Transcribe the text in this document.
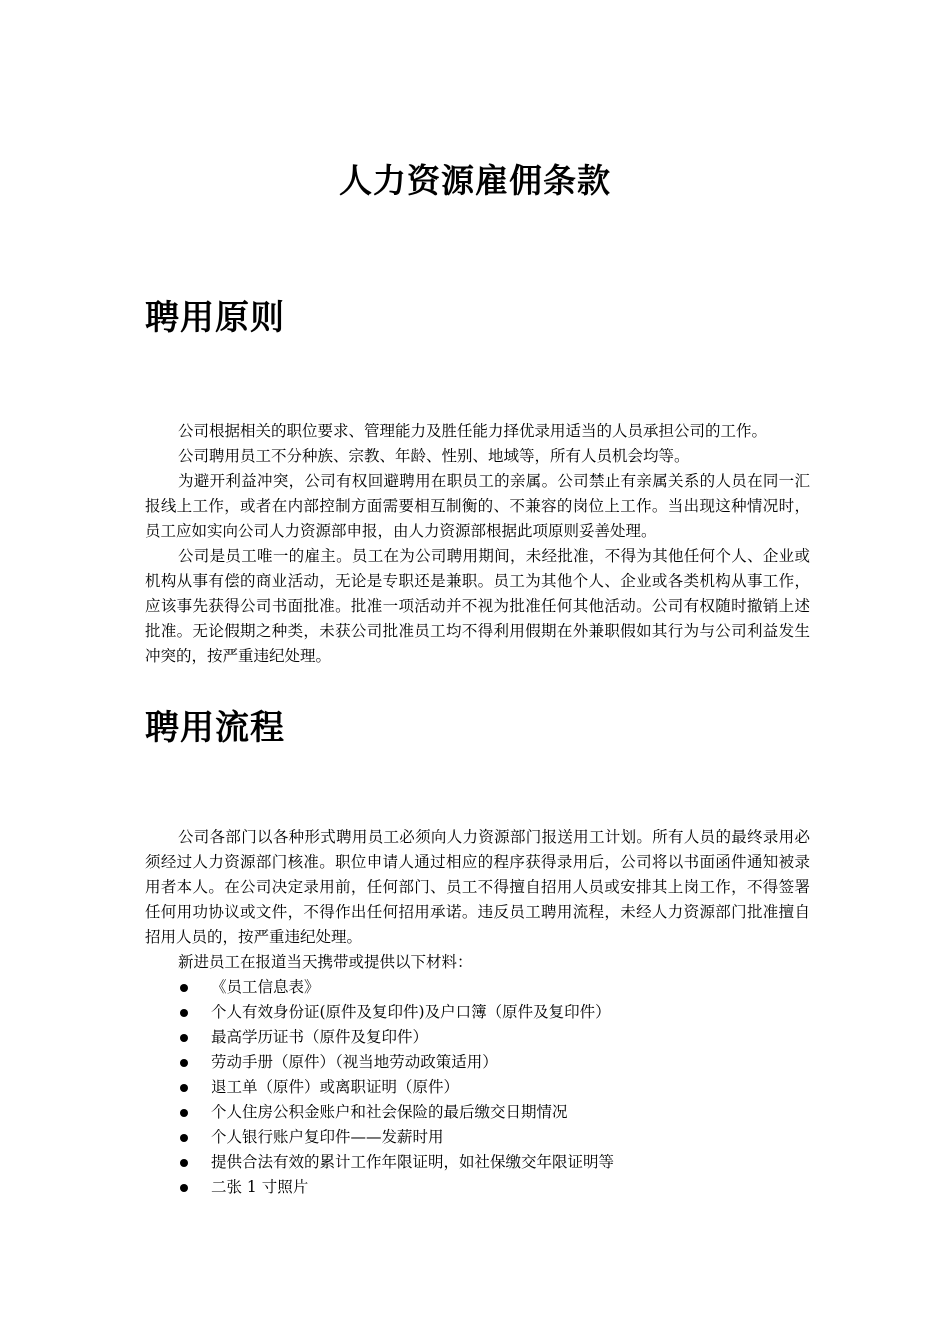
人力资源雇佣条款
聘用原则

公司根据相关的职位要求、管理能力及胜任能力择优录用适当的人员承担公司的工作。

公司聘用员工不分种族、宗教、年龄、性别、地域等，所有人员机会均等。

为避开利益冲突，公司有权回避聘用在职员工的亲属。公司禁止有亲属关系的人员在同一汇报线上工作，或者在内部控制方面需要相互制衡的、不兼容的岗位上工作。当出现这种情况时，员工应如实向公司人力资源部申报，由人力资源部根据此项原则妥善处理。

公司是员工唯一的雇主。员工在为公司聘用期间，未经批准，不得为其他任何个人、企业或机构从事有偿的商业活动，无论是专职还是兼职。员工为其他个人、企业或各类机构从事工作，应该事先获得公司书面批准。批准一项活动并不视为批准任何其他活动。公司有权随时撤销上述批准。无论假期之种类，未获公司批准员工均不得利用假期在外兼职假如其行为与公司利益发生冲突的，按严重违纪处理。

聘用流程

公司各部门以各种形式聘用员工必须向人力资源部门报送用工计划。所有人员的最终录用必须经过人力资源部门核准。职位申请人通过相应的程序获得录用后，公司将以书面函件通知被录用者本人。在公司决定录用前，任何部门、员工不得擅自招用人员或安排其上岗工作，不得签署任何用功协议或文件，不得作出任何招用承诺。违反员工聘用流程，未经人力资源部门批准擅自招用人员的，按严重违纪处理。

新进员工在报道当天携带或提供以下材料：

《员工信息表》
个人有效身份证(原件及复印件)及户口簿（原件及复印件）
最高学历证书（原件及复印件）
劳动手册（原件）（视当地劳动政策适用）
退工单（原件）或离职证明（原件）
个人住房公积金账户和社会保险的最后缴交日期情况
个人银行账户复印件——发薪时用
提供合法有效的累计工作年限证明，如社保缴交年限证明等
二张 1 寸照片
